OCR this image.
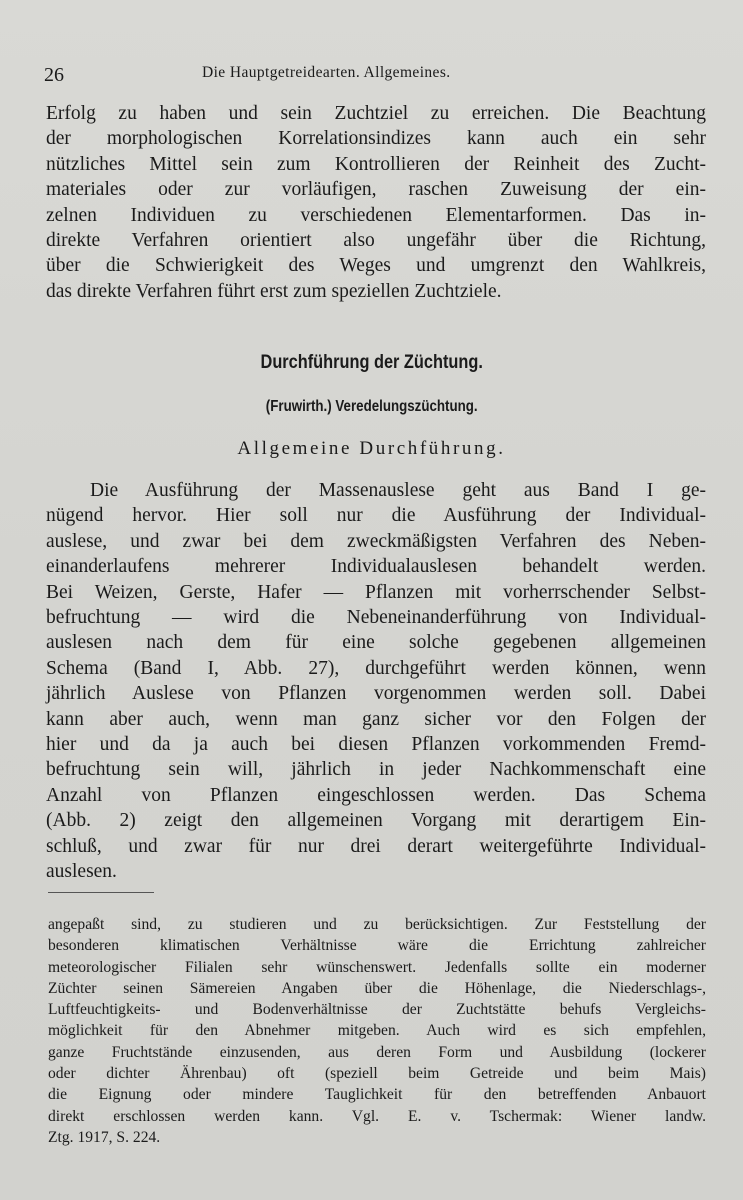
26	Die Hauptgetreidearten. Allgemeines.
Erfolg zu haben und sein Zuchtziel zu erreichen. Die Beachtung
der morphologischen Korrelationsindizes kann auch ein sehr
nützliches Mittel sein zum Kontrollieren der Reinheit des Zucht-
materiales oder zur vorläufigen, raschen Zuweisung der ein-
zelnen Individuen zu verschiedenen Elementarformen. Das in-
direkte Verfahren orientiert also ungefähr über die Richtung,
über die Schwierigkeit des Weges und umgrenzt den Wahlkreis,
das direkte Verfahren führt erst zum speziellen Zuchtziele.
Durchführung der Züchtung.
(Fruwirth.) Veredelungszüchtung.
Allgemeine Durchführung.
Die Ausführung der Massenauslese geht aus Band I ge-
nügend hervor. Hier soll nur die Ausführung der Individual-
auslese, und zwar bei dem zweckmäßigsten Verfahren des Neben-
einanderlaufens mehrerer Individualauslesen behandelt werden.
Bei Weizen, Gerste, Hafer — Pflanzen mit vorherrschender Selbst-
befruchtung — wird die Nebeneinanderführung von Individual-
auslesen nach dem für eine solche gegebenen allgemeinen
Schema (Band I, Abb. 27), durchgeführt werden können, wenn
jährlich Auslese von Pflanzen vorgenommen werden soll. Dabei
kann aber auch, wenn man ganz sicher vor den Folgen der
hier und da ja auch bei diesen Pflanzen vorkommenden Fremd-
befruchtung sein will, jährlich in jeder Nachkommenschaft eine
Anzahl von Pflanzen eingeschlossen werden. Das Schema
(Abb. 2) zeigt den allgemeinen Vorgang mit derartigem Ein-
schluß, und zwar für nur drei derart weitergeführte Individual-
auslesen.
angepaßt sind, zu studieren und zu berücksichtigen. Zur Feststellung der
besonderen klimatischen Verhältnisse wäre die Errichtung zahlreicher
meteorologischer Filialen sehr wünschenswert. Jedenfalls sollte ein moderner
Züchter seinen Sämereien Angaben über die Höhenlage, die Niederschlags-,
Luftfeuchtigkeits- und Bodenverhältnisse der Zuchtstätte behufs Vergleichs-
möglichkeit für den Abnehmer mitgeben. Auch wird es sich empfehlen,
ganze Fruchtstände einzusenden, aus deren Form und Ausbildung (lockerer
oder dichter Ährenbau) oft (speziell beim Getreide und beim Mais)
die Eignung oder mindere Tauglichkeit für den betreffenden Anbauort
direkt erschlossen werden kann. Vgl. E. v. Tschermak: Wiener landw.
Ztg. 1917, S. 224.
